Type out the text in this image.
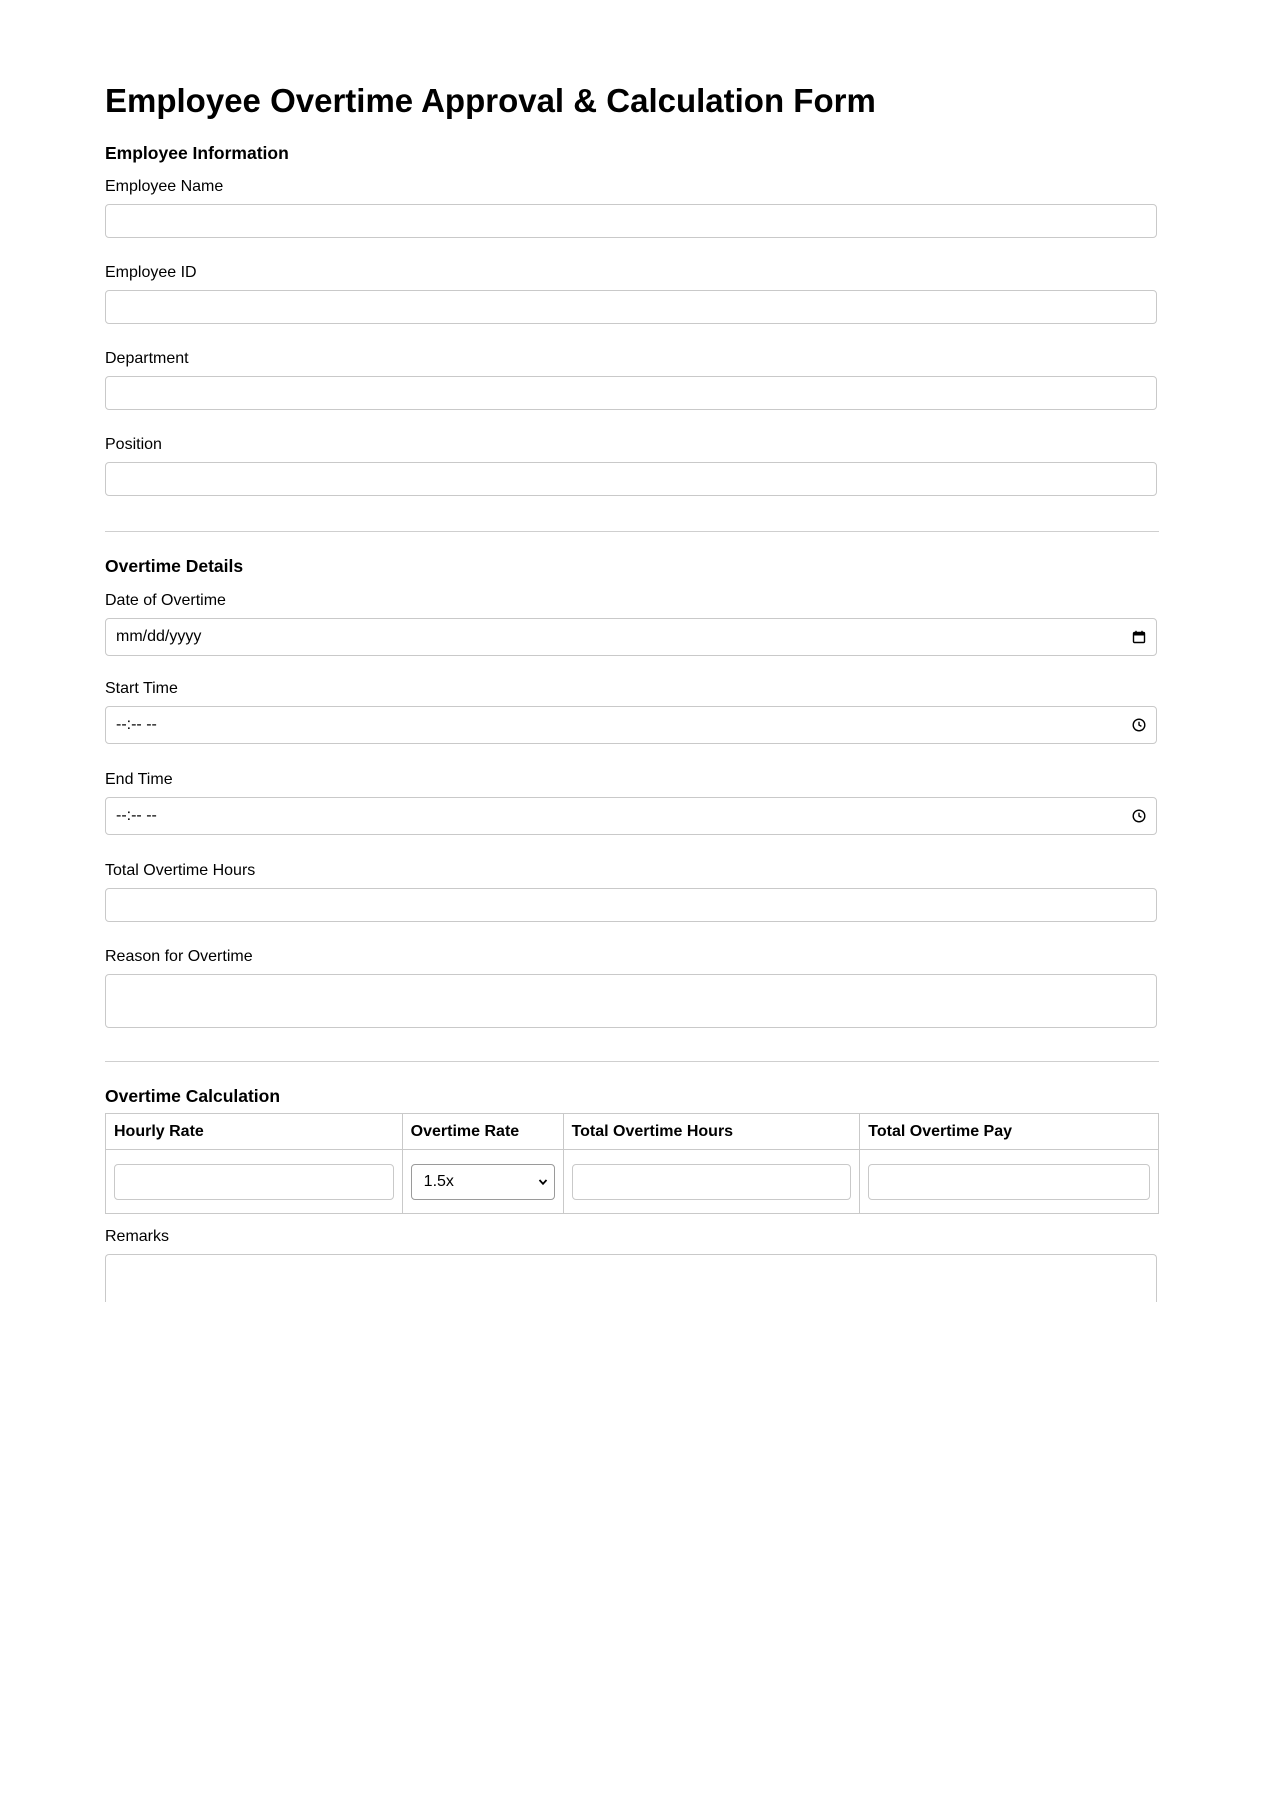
Employee Overtime Approval & Calculation Form
Employee Information
Employee Name
Employee ID
Department
Position
Overtime Details
Date of Overtime
mm/dd/yyyy
Start Time
--:-- --
End Time
--:-- --
Total Overtime Hours
Reason for Overtime
Overtime Calculation
Hourly Rate	Overtime Rate	Total Overtime Hours	Total Overtime Pay

	1.5x		

Remarks
